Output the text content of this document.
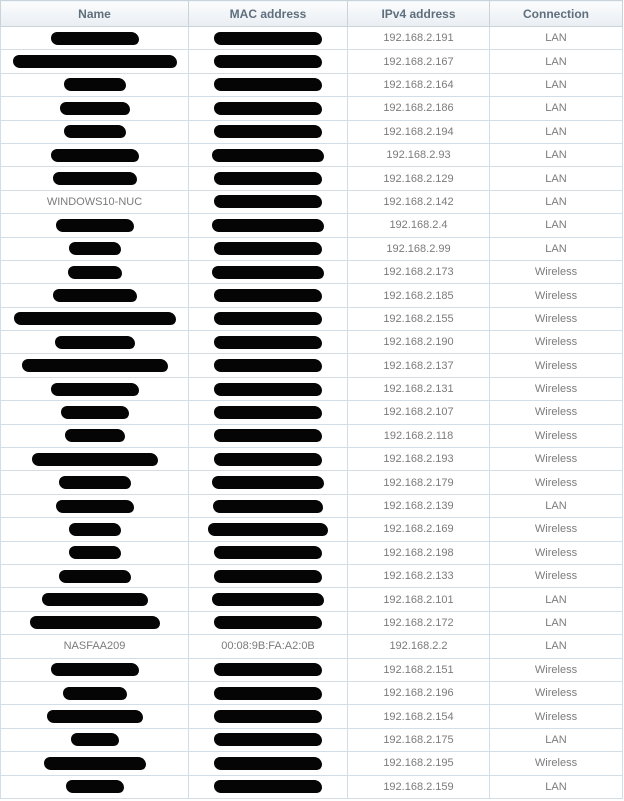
Name	MAC address	IPv4 address	Connection
		192.168.2.191	LAN
		192.168.2.167	LAN
		192.168.2.164	LAN
		192.168.2.186	LAN
		192.168.2.194	LAN
		192.168.2.93	LAN
		192.168.2.129	LAN
WINDOWS10-NUC		192.168.2.142	LAN
		192.168.2.4	LAN
		192.168.2.99	LAN
		192.168.2.173	Wireless
		192.168.2.185	Wireless
		192.168.2.155	Wireless
		192.168.2.190	Wireless
		192.168.2.137	Wireless
		192.168.2.131	Wireless
		192.168.2.107	Wireless
		192.168.2.118	Wireless
		192.168.2.193	Wireless
		192.168.2.179	Wireless
		192.168.2.139	LAN
		192.168.2.169	Wireless
		192.168.2.198	Wireless
		192.168.2.133	Wireless
		192.168.2.101	LAN
		192.168.2.172	LAN
NASFAA209	00:08:9B:FA:A2:0B	192.168.2.2	LAN
		192.168.2.151	Wireless
		192.168.2.196	Wireless
		192.168.2.154	Wireless
		192.168.2.175	LAN
		192.168.2.195	Wireless
		192.168.2.159	LAN
